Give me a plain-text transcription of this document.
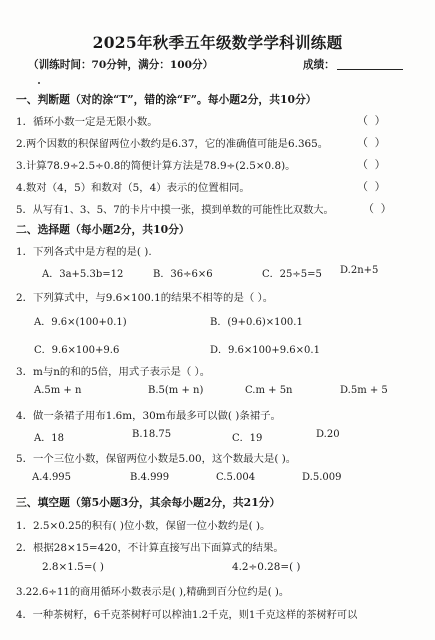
2025年秋季五年级数学学科训练题
（训练时间：70分钟，满分：100分）	成绩：
一、判断题（对的涂“T”，错的涂“F”。每小题2分，共10分）
1．循环小数一定是无限小数。	（ ）
2.两个因数的积保留两位小数约是6.37，它的准确值可能是6.365。	（ ）
3.计算78.9÷2.5÷0.8的简便计算方法是78.9÷(2.5×0.8)。	（ ）
4.数对（4，5）和数对（5，4）表示的位置相同。	（ ）
5．从写有1、3、5、7的卡片中摸一张，摸到单数的可能性比双数大。	（ ）
二、选择题（每小题2分，共10分）
1．下列各式中是方程的是( ).
A．3a+5.3b=12	B．36÷6×6	C．25÷5=5 D.2n+5
2．下列算式中，与9.6×100.1的结果不相等的是（ ）。
A．9.6×(100+0.1)	B．(9+0.6)×100.1
C．9.6×100+9.6	D．9.6×100+9.6×0.1
3．m与n的和的5倍，用式子表示是（ ）。
A.5m + n	B.5(m + n)	C.m + 5n	D.5m + 5
4．做一条裙子用布1.6m，30m布最多可以做( )条裙子。
A．18	B.18.75	C．19	D.20
5．一个三位小数，保留两位小数是5.00，这个数最大是( )。
A.4.995	B.4.999	C.5.004	D.5.009
三、填空题（第5小题3分，其余每小题2分，共21分）
1．2.5×0.25的积有( )位小数，保留一位小数约是( )。
2．根据28×15=420，不计算直接写出下面算式的结果。
2.8×1.5=( )	4.2÷0.28=( )
3.22.6÷11的商用循环小数表示是( ),精确到百分位约是( )。
4．一种茶树籽，6千克茶树籽可以榨油1.2千克，则1千克这样的茶树籽可以
